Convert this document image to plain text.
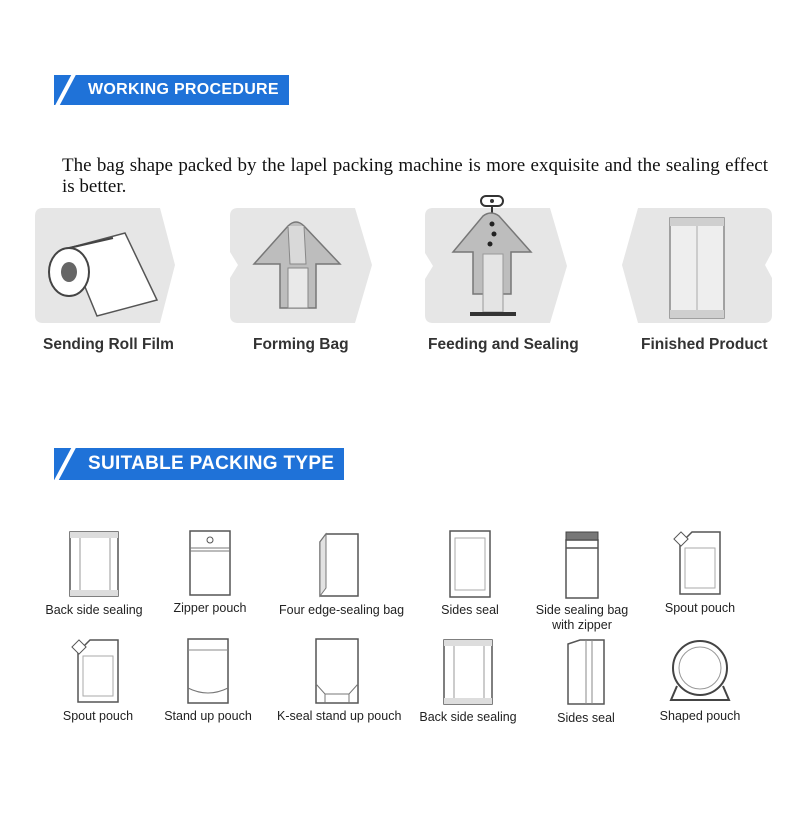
WORKING PROCEDURE
The bag shape packed by the lapel packing machine is more exquisite and the sealing effect is better.
Sending Roll Film	Forming Bag	Feeding and Sealing	Finished Product
SUITABLE PACKING TYPE
Back side sealing	Zipper pouch	Four edge-sealing bag	Sides seal	Side sealing bag
with zipper
Spout pouch
Spout pouch	Stand up pouch	K-seal stand up pouch	Back side sealing	Sides seal	Shaped pouch
